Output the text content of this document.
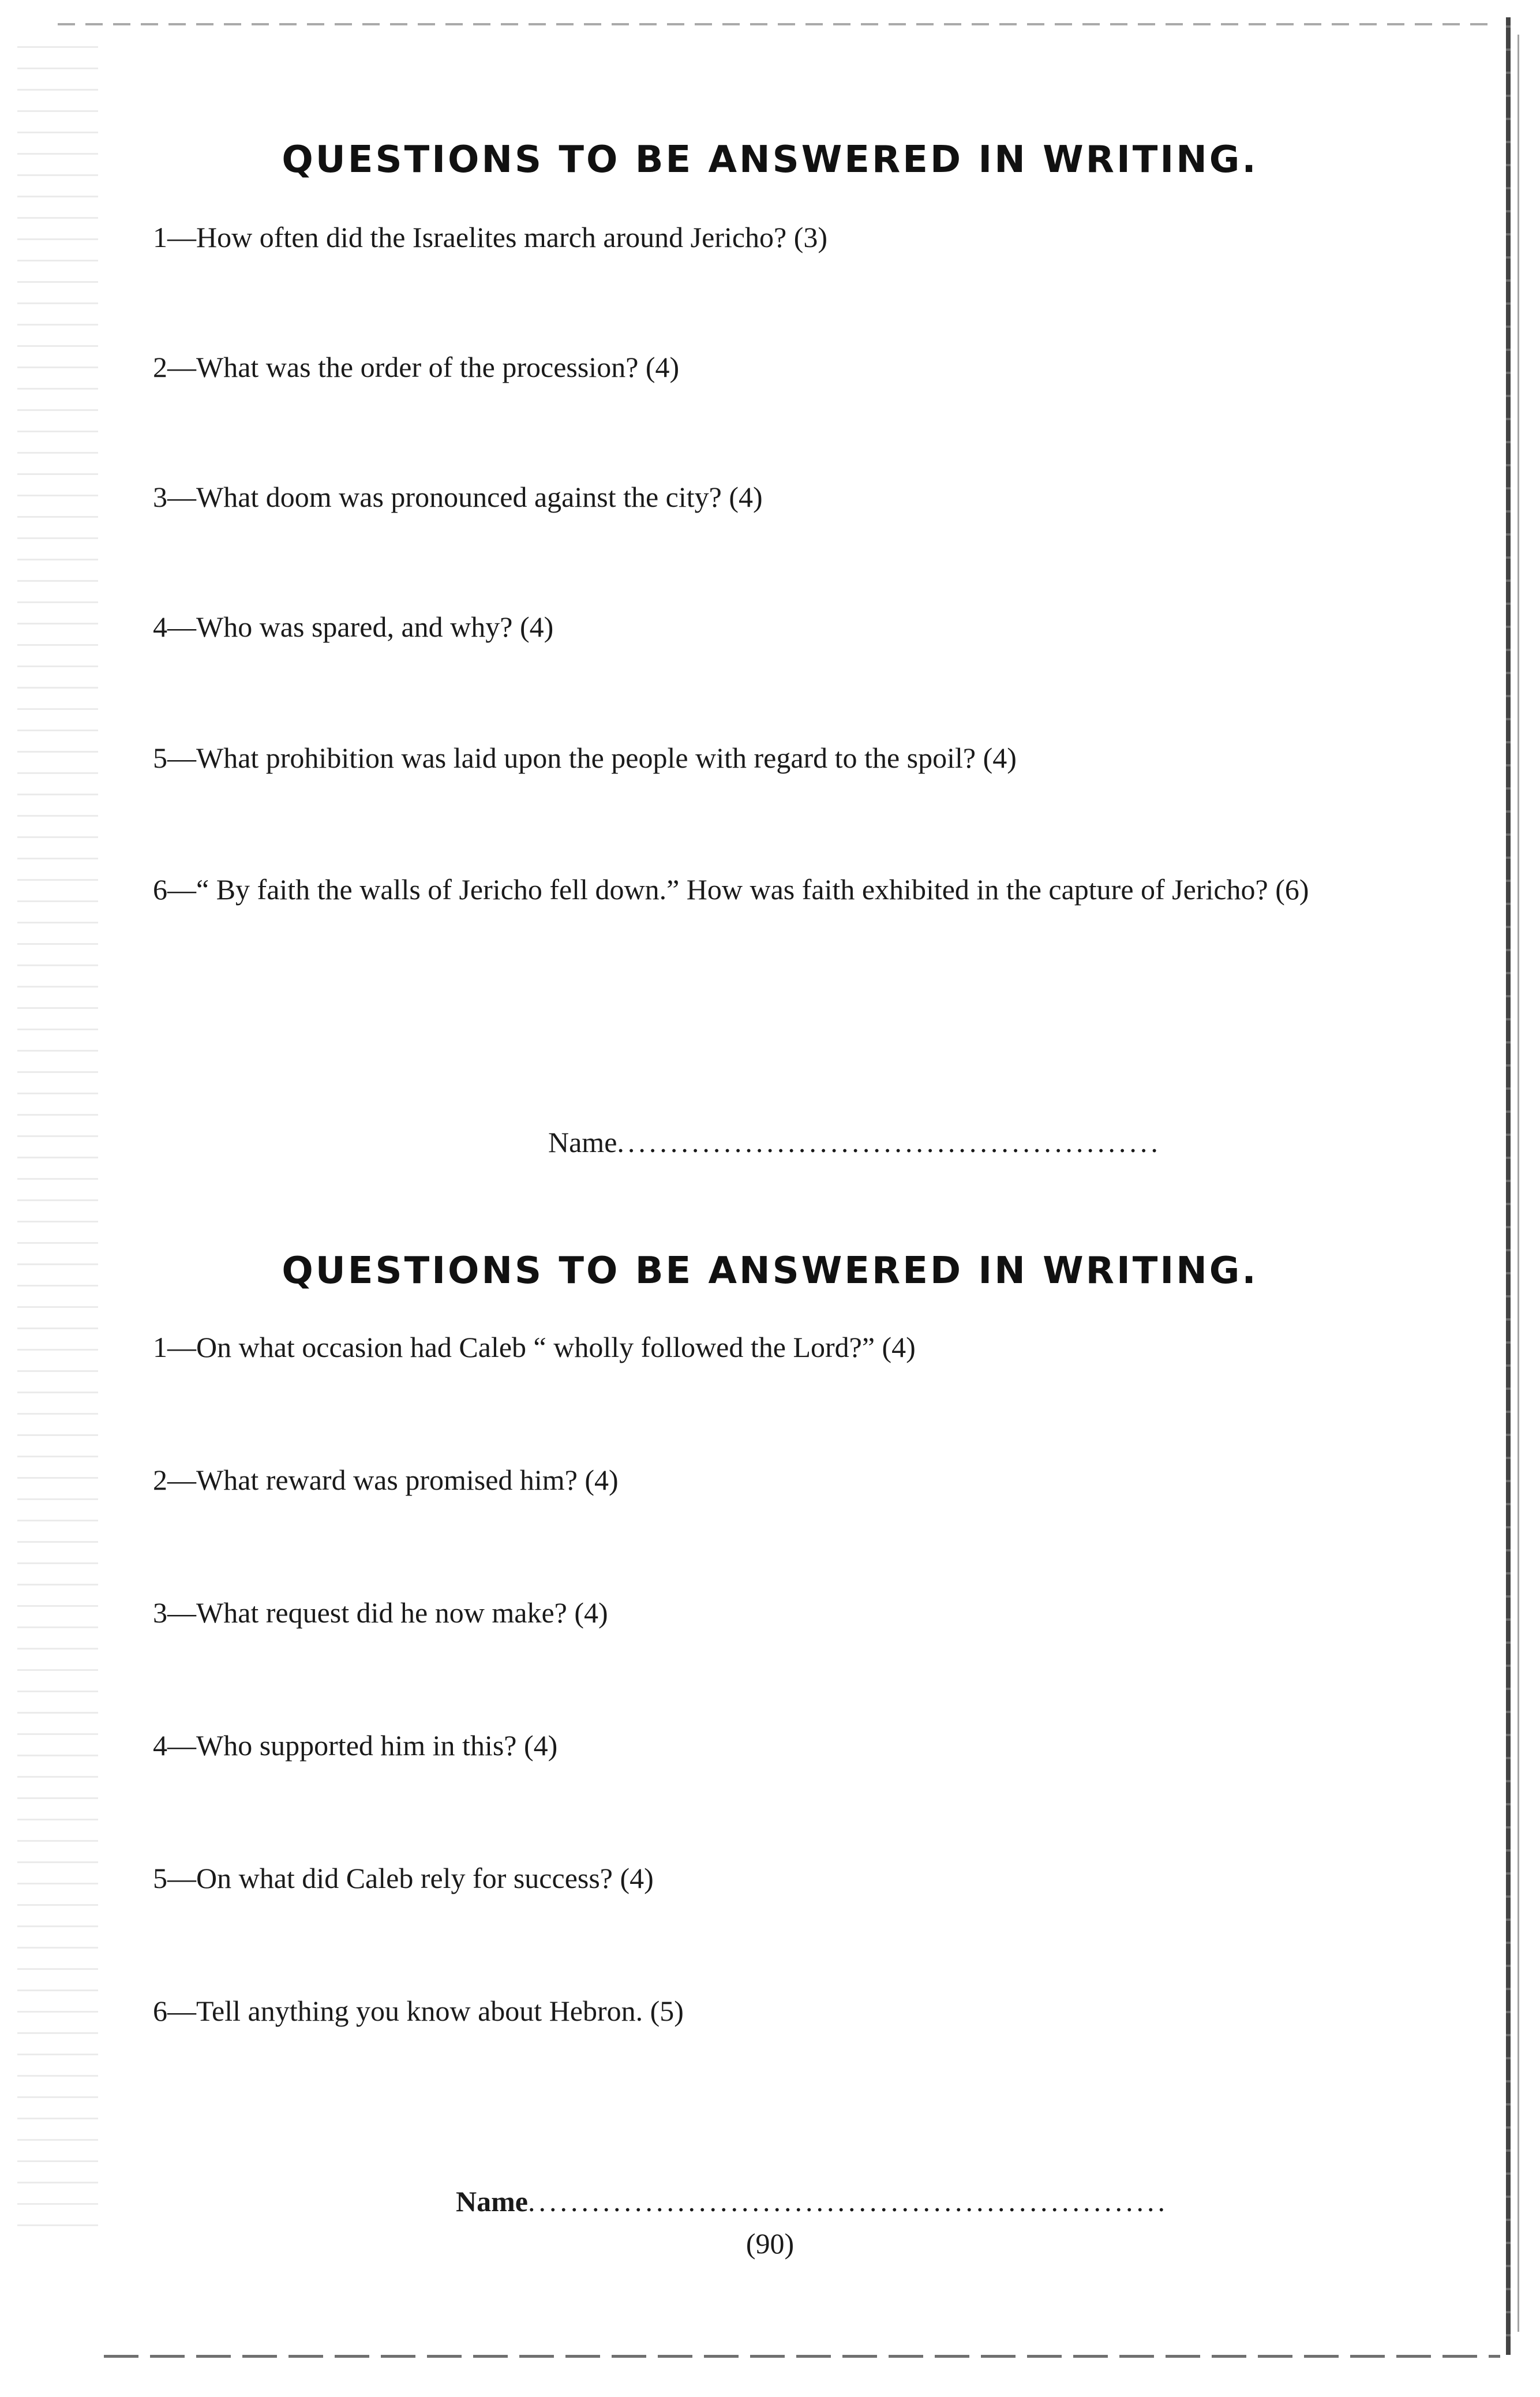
QUESTIONS TO BE ANSWERED IN WRITING.
1—How often did the Israelites march around Jericho? (3)
2—What was the order of the procession? (4)
3—What doom was pronounced against the city? (4)
4—Who was spared, and why? (4)
5—What prohibition was laid upon the people with regard to the spoil? (4)
6—“ By faith the walls of Jericho fell down.” How was faith exhibited in the capture of Jericho? (6)
Name...................................................
QUESTIONS TO BE ANSWERED IN WRITING.
1—On what occasion had Caleb “ wholly followed the Lord?” (4)
2—What reward was promised him? (4)
3—What request did he now make? (4)
4—Who supported him in this? (4)
5—On what did Caleb rely for success? (4)
6—Tell anything you know about Hebron. (5)
Name............................................................
(90)
